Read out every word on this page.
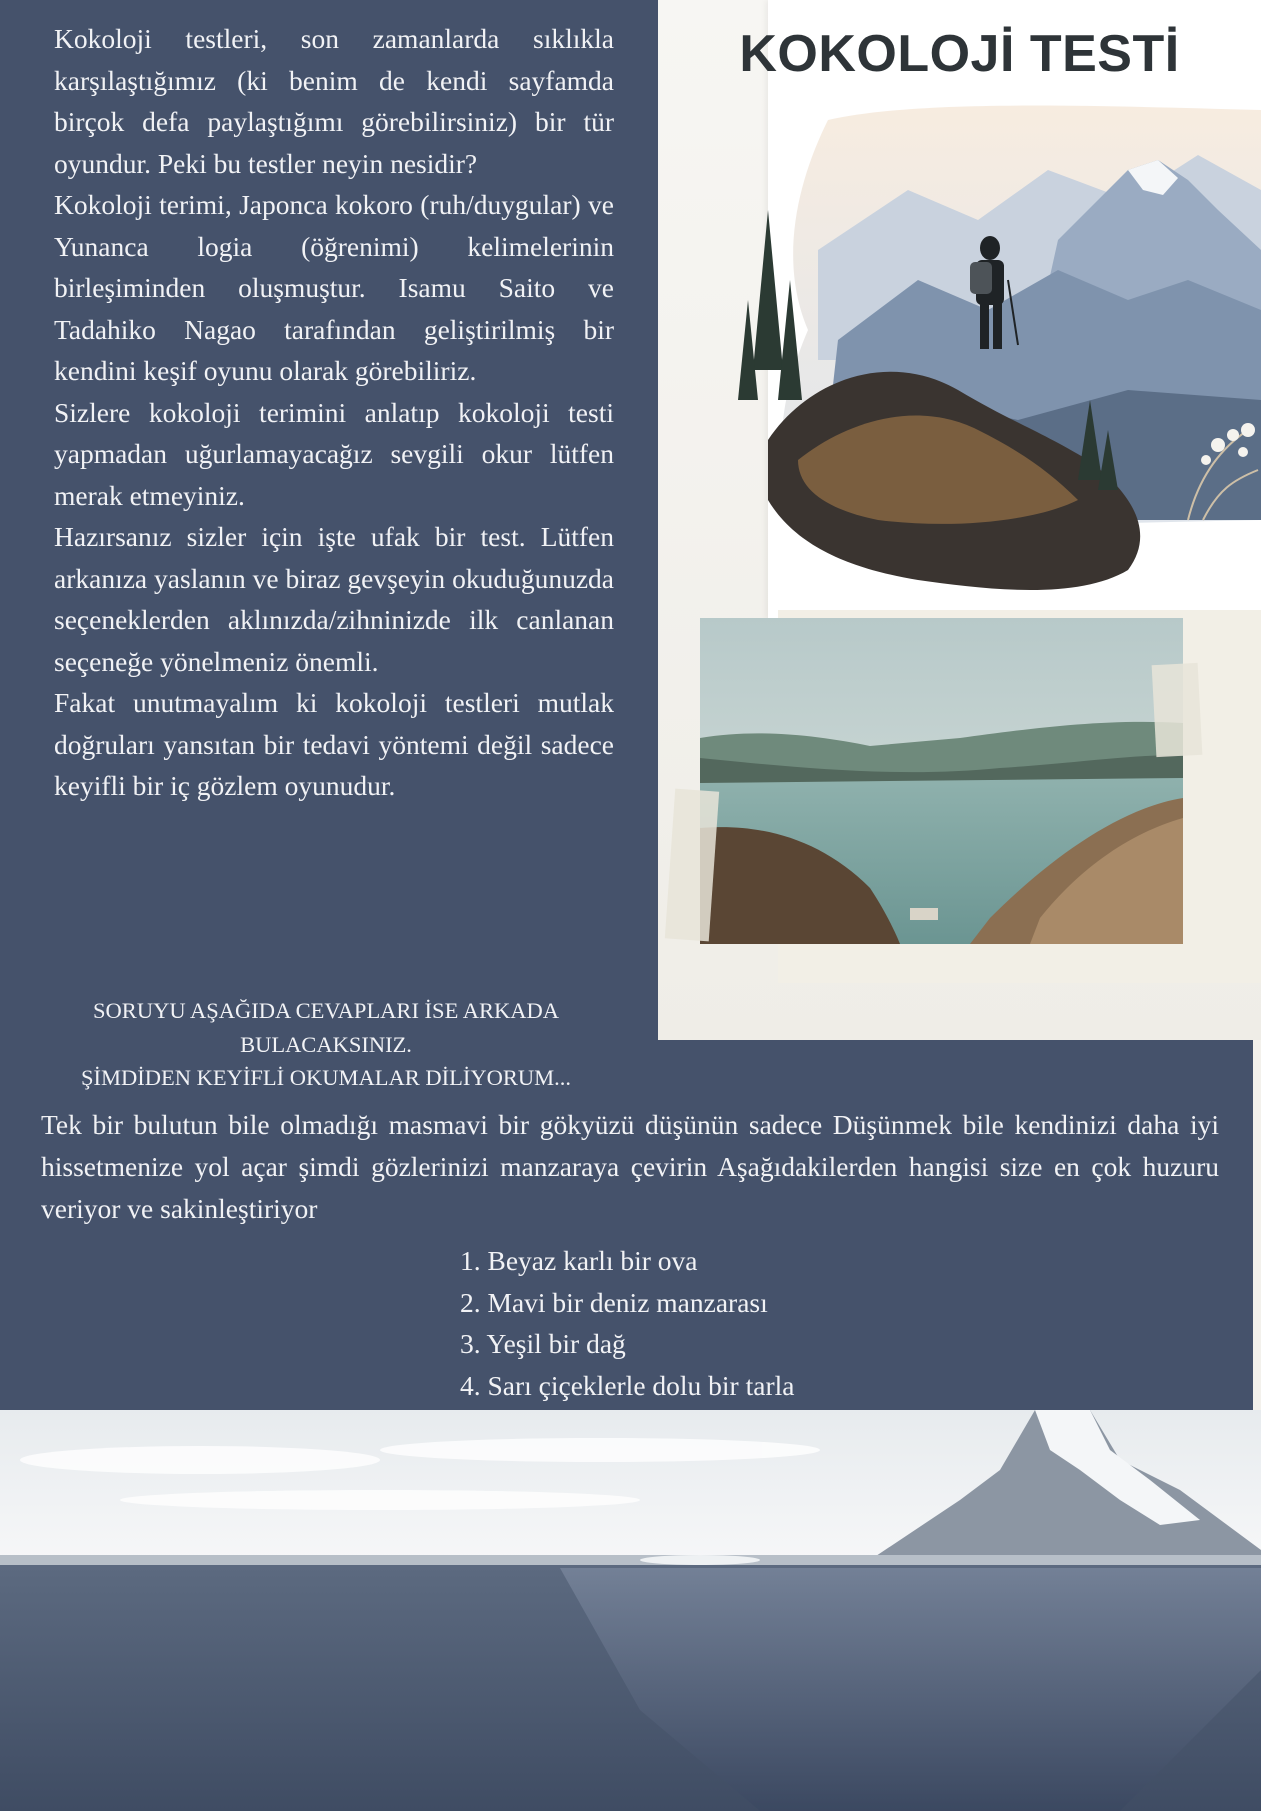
KOKOLOJİ TESTİ

Kokoloji testleri, son zamanlarda sıklıkla karşılaştığımız (ki benim de kendi sayfamda birçok defa paylaştığımı görebilirsiniz) bir tür oyundur. Peki bu testler neyin nesidir?

Kokoloji terimi, Japonca kokoro (ruh/duygular) ve Yunanca logia (öğrenimi) kelimelerinin birleşiminden oluşmuştur. Isamu Saito ve Tadahiko Nagao tarafından geliştirilmiş bir kendini keşif oyunu olarak görebiliriz.

Sizlere kokoloji terimini anlatıp kokoloji testi yapmadan uğurlamayacağız sevgili okur lütfen merak etmeyiniz.

Hazırsanız sizler için işte ufak bir test. Lütfen arkanıza yaslanın ve biraz gevşeyin okuduğunuzda seçeneklerden aklınızda/zihninizde ilk canlanan seçeneğe yönelmeniz önemli.

Fakat unutmayalım ki kokoloji testleri mutlak doğruları yansıtan bir tedavi yöntemi değil sadece keyifli bir iç gözlem oyunudur.

SORUYU AŞAĞIDA CEVAPLARI İSE ARKADA
BULACAKSINIZ.
ŞİMDİDEN KEYİFLİ OKUMALAR DİLİYORUM...

Tek bir bulutun bile olmadığı masmavi bir gökyüzü düşünün sadece Düşünmek bile kendinizi daha iyi hissetmenize yol açar şimdi gözlerinizi manzaraya çevirin Aşağıdakilerden hangisi size en çok huzuru veriyor ve sakinleştiriyor

1. Beyaz karlı bir ova
2. Mavi bir deniz manzarası
3. Yeşil bir dağ
4. Sarı çiçeklerle dolu bir tarla
